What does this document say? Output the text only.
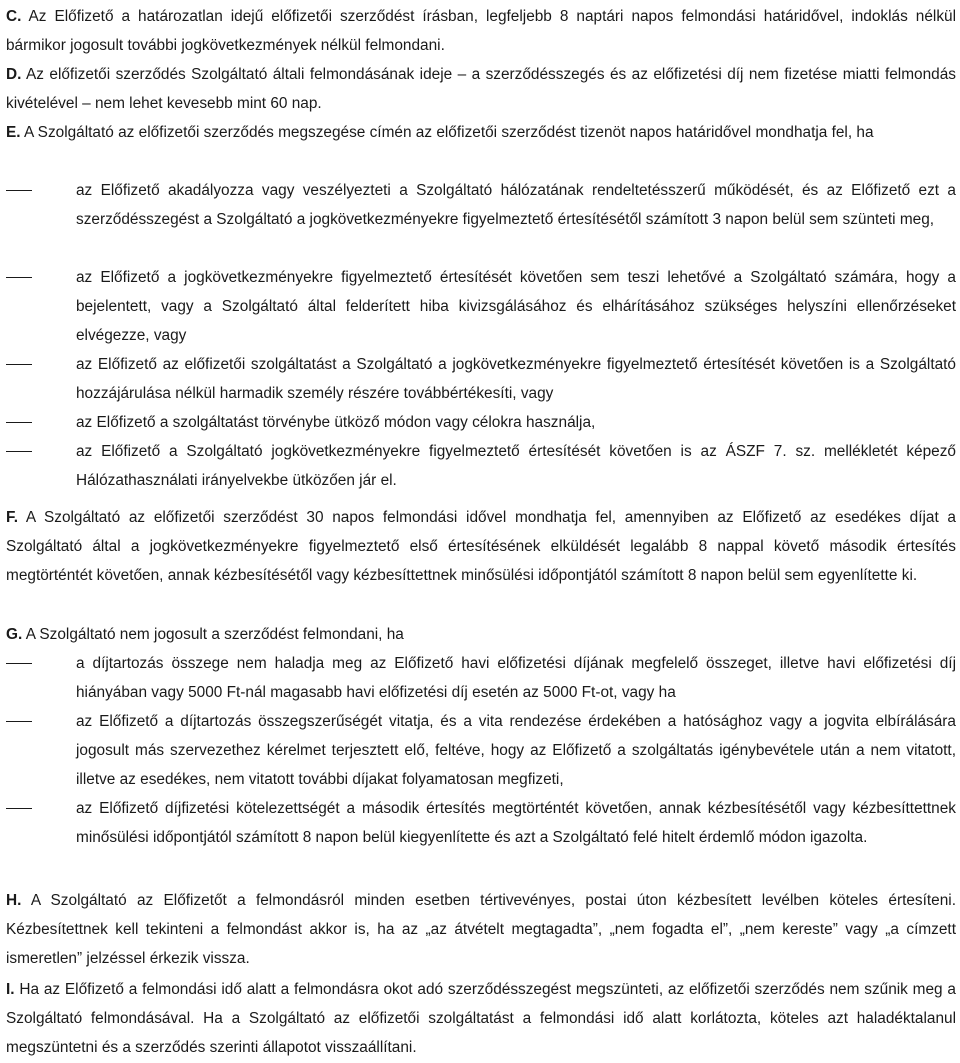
C. Az Előfizető a határozatlan idejű előfizetői szerződést írásban, legfeljebb 8 naptári napos felmondási határidővel, indoklás nélkül bármikor jogosult további jogkövetkezmények nélkül felmondani.

D. Az előfizetői szerződés Szolgáltató általi felmondásának ideje – a szerződésszegés és az előfizetési díj nem fizetése miatti felmondás kivételével – nem lehet kevesebb mint 60 nap.

E. A Szolgáltató az előfizetői szerződés megszegése címén az előfizetői szerződést tizenöt napos határidővel mondhatja fel, ha

az Előfizető akadályozza vagy veszélyezteti a Szolgáltató hálózatának rendeltetésszerű működését, és az Előfizető ezt a szerződésszegést a Szolgáltató a jogkövetkezményekre figyelmeztető értesítésétől számított 3 napon belül sem szünteti meg,
az Előfizető a jogkövetkezményekre figyelmeztető értesítését követően sem teszi lehetővé a Szolgáltató számára, hogy a bejelentett, vagy a Szolgáltató által felderített hiba kivizsgálásához és elhárításához szükséges helyszíni ellenőrzéseket elvégezze, vagy
az Előfizető az előfizetői szolgáltatást a Szolgáltató a jogkövetkezményekre figyelmeztető értesítését követően is a Szolgáltató hozzájárulása nélkül harmadik személy részére továbbértékesíti, vagy
az Előfizető a szolgáltatást törvénybe ütköző módon vagy célokra használja,
az Előfizető a Szolgáltató jogkövetkezményekre figyelmeztető értesítését követően is az ÁSZF 7. sz. mellékletét képező Hálózathasználati irányelvekbe ütközően jár el.

F. A Szolgáltató az előfizetői szerződést 30 napos felmondási idővel mondhatja fel, amennyiben az Előfizető az esedékes díjat a Szolgáltató által a jogkövetkezményekre figyelmeztető első értesítésének elküldését legalább 8 nappal követő második értesítés megtörténtét követően, annak kézbesítésétől vagy kézbesíttettnek minősülési időpontjától számított 8 napon belül sem egyenlítette ki.

G. A Szolgáltató nem jogosult a szerződést felmondani, ha

a díjtartozás összege nem haladja meg az Előfizető havi előfizetési díjának megfelelő összeget, illetve havi előfizetési díj hiányában vagy 5000 Ft-nál magasabb havi előfizetési díj esetén az 5000 Ft-ot, vagy ha
az Előfizető a díjtartozás összegszerűségét vitatja, és a vita rendezése érdekében a hatósághoz vagy a jogvita elbírálására jogosult más szervezethez kérelmet terjesztett elő, feltéve, hogy az Előfizető a szolgáltatás igénybevétele után a nem vitatott, illetve az esedékes, nem vitatott további díjakat folyamatosan megfizeti,
az Előfizető díjfizetési kötelezettségét a második értesítés megtörténtét követően, annak kézbesítésétől vagy kézbesíttettnek minősülési időpontjától számított 8 napon belül kiegyenlítette és azt a Szolgáltató felé hitelt érdemlő módon igazolta.

H. A Szolgáltató az Előfizetőt a felmondásról minden esetben tértivevényes, postai úton kézbesített levélben köteles értesíteni. Kézbesítettnek kell tekinteni a felmondást akkor is, ha az „az átvételt megtagadta”, „nem fogadta el”, „nem kereste” vagy „a címzett ismeretlen” jelzéssel érkezik vissza.

I. Ha az Előfizető a felmondási idő alatt a felmondásra okot adó szerződésszegést megszünteti, az előfizetői szerződés nem szűnik meg a Szolgáltató felmondásával. Ha a Szolgáltató az előfizetői szolgáltatást a felmondási idő alatt korlátozta, köteles azt haladéktalanul megszüntetni és a szerződés szerinti állapotot visszaállítani.
